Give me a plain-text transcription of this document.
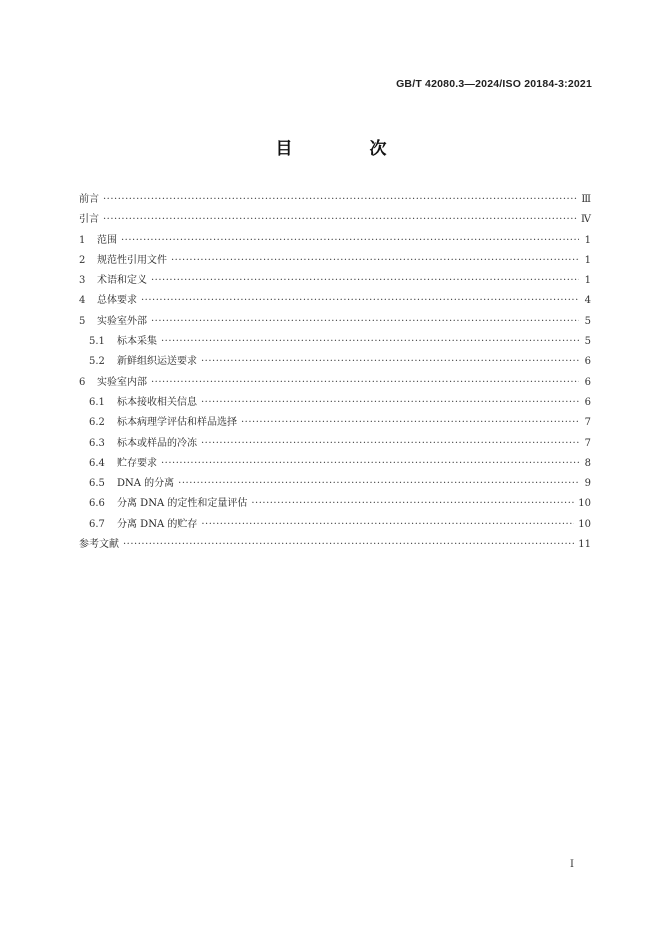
GB/T 42080.3—2024/ISO 20184-3:2021
目　次
前言 ·····	Ⅲ
引言 ·····	Ⅳ
1	范围 ·····	1
2	规范性引用文件 ·····	1
3	术语和定义 ·····	1
4	总体要求 ·····	4
5	实验室外部 ·····	5
5.1	标本采集 ·····	5
5.2	新鲜组织运送要求 ·····	6
6	实验室内部 ·····	6
6.1	标本接收相关信息 ·····	6
6.2	标本病理学评估和样品选择 ·····	7
6.3	标本或样品的冷冻 ·····	7
6.4	贮存要求 ·····	8
6.5	DNA 的分离 ·····	9
6.6	分离 DNA 的定性和定量评估 ·····	10
6.7	分离 DNA 的贮存 ·····	10
参考文献 ·····	11
I
